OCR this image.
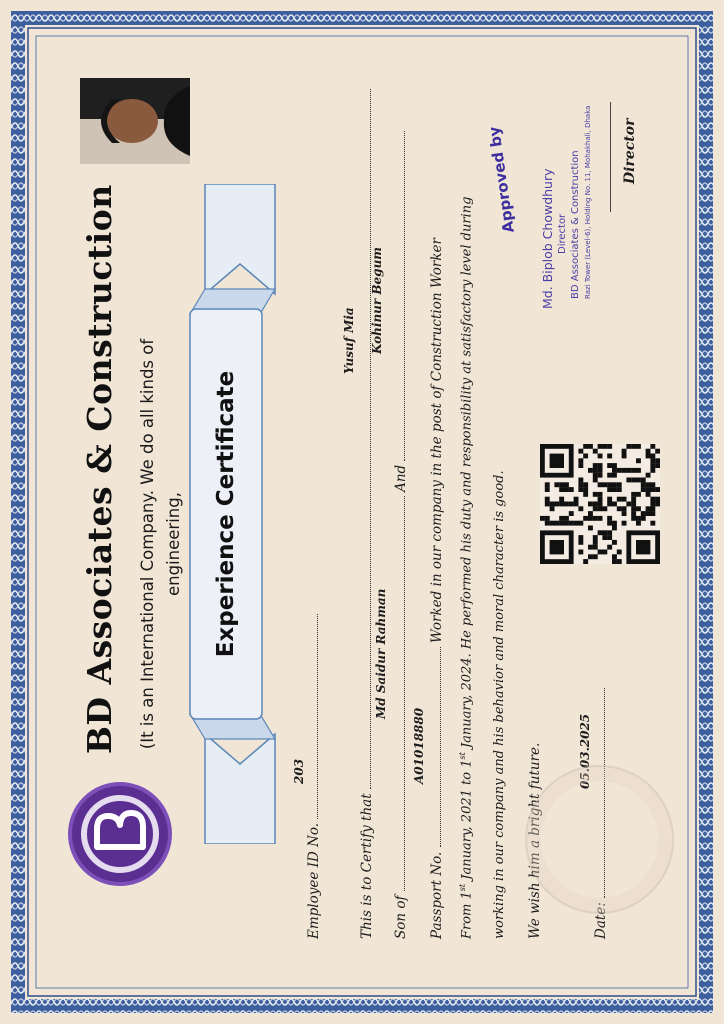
BD Associates & Construction (It is an International Company. We do all kinds of engineering, Experience Certificate
Employee ID No.
203
This is to Certify that
Yusuf Mia
Son of  And
Md Saidur Rahman
Kohinur Begum
Passport No.  Worked in our company in the post of Construction Worker
A01018880
From 1st January, 2021 to 1st January, 2024. He performed his duty and responsibility at satisfactory level during working in our company and his behavior and moral character is good. We wish him a bright future.	Date:
05.03.2025
Approved by Md. Biplob Chowdhury Director BD Associates & Construction Razi Tower (Level-6), Holding No. 11, Mohakhali, Dhaka Director
